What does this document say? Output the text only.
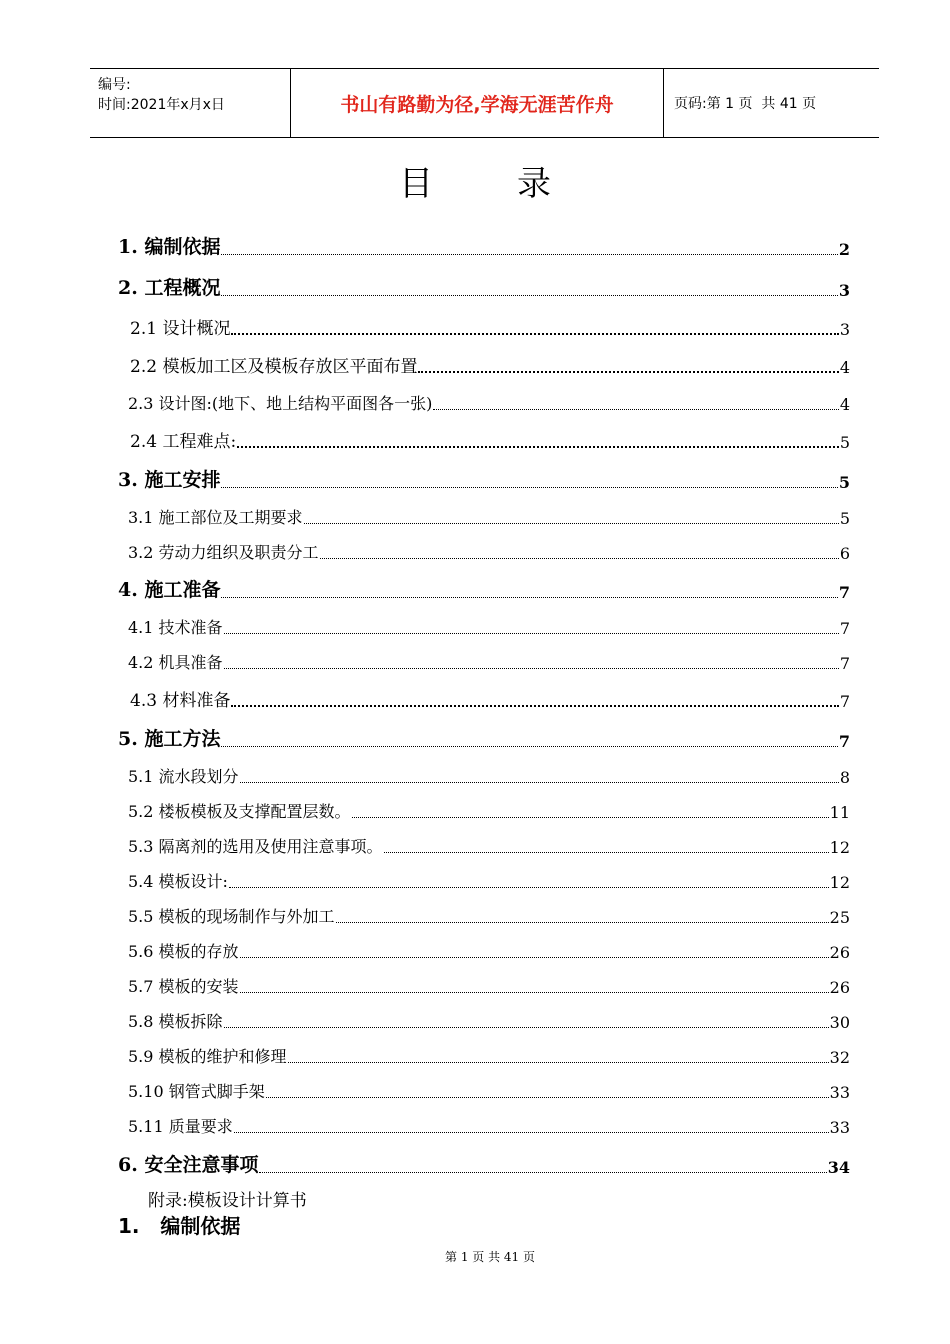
编号:
时间:2021年x月x日	书山有路勤为径,学海无涯苦作舟	页码:第 1 页  共 41 页
目录
1. 编制依据	2
2. 工程概况	3
2.1 设计概况	3
2.2 模板加工区及模板存放区平面布置	4
2.3 设计图:(地下、地上结构平面图各一张)	4
2.4 工程难点:	5
3. 施工安排	5
3.1 施工部位及工期要求	5
3.2 劳动力组织及职责分工	6
4. 施工准备	7
4.1 技术准备	7
4.2 机具准备	7
4.3 材料准备	7
5. 施工方法	7
5.1 流水段划分	8
5.2 楼板模板及支撑配置层数。	11
5.3 隔离剂的选用及使用注意事项。	12
5.4 模板设计:	12
5.5 模板的现场制作与外加工	25
5.6 模板的存放	26
5.7 模板的安装	26
5.8 模板拆除	30
5.9 模板的维护和修理	32
5.10 钢管式脚手架	33
5.11 质量要求	33
6. 安全注意事项	34
附录:模板设计计算书
1.   编制依据
第 1 页 共 41 页
